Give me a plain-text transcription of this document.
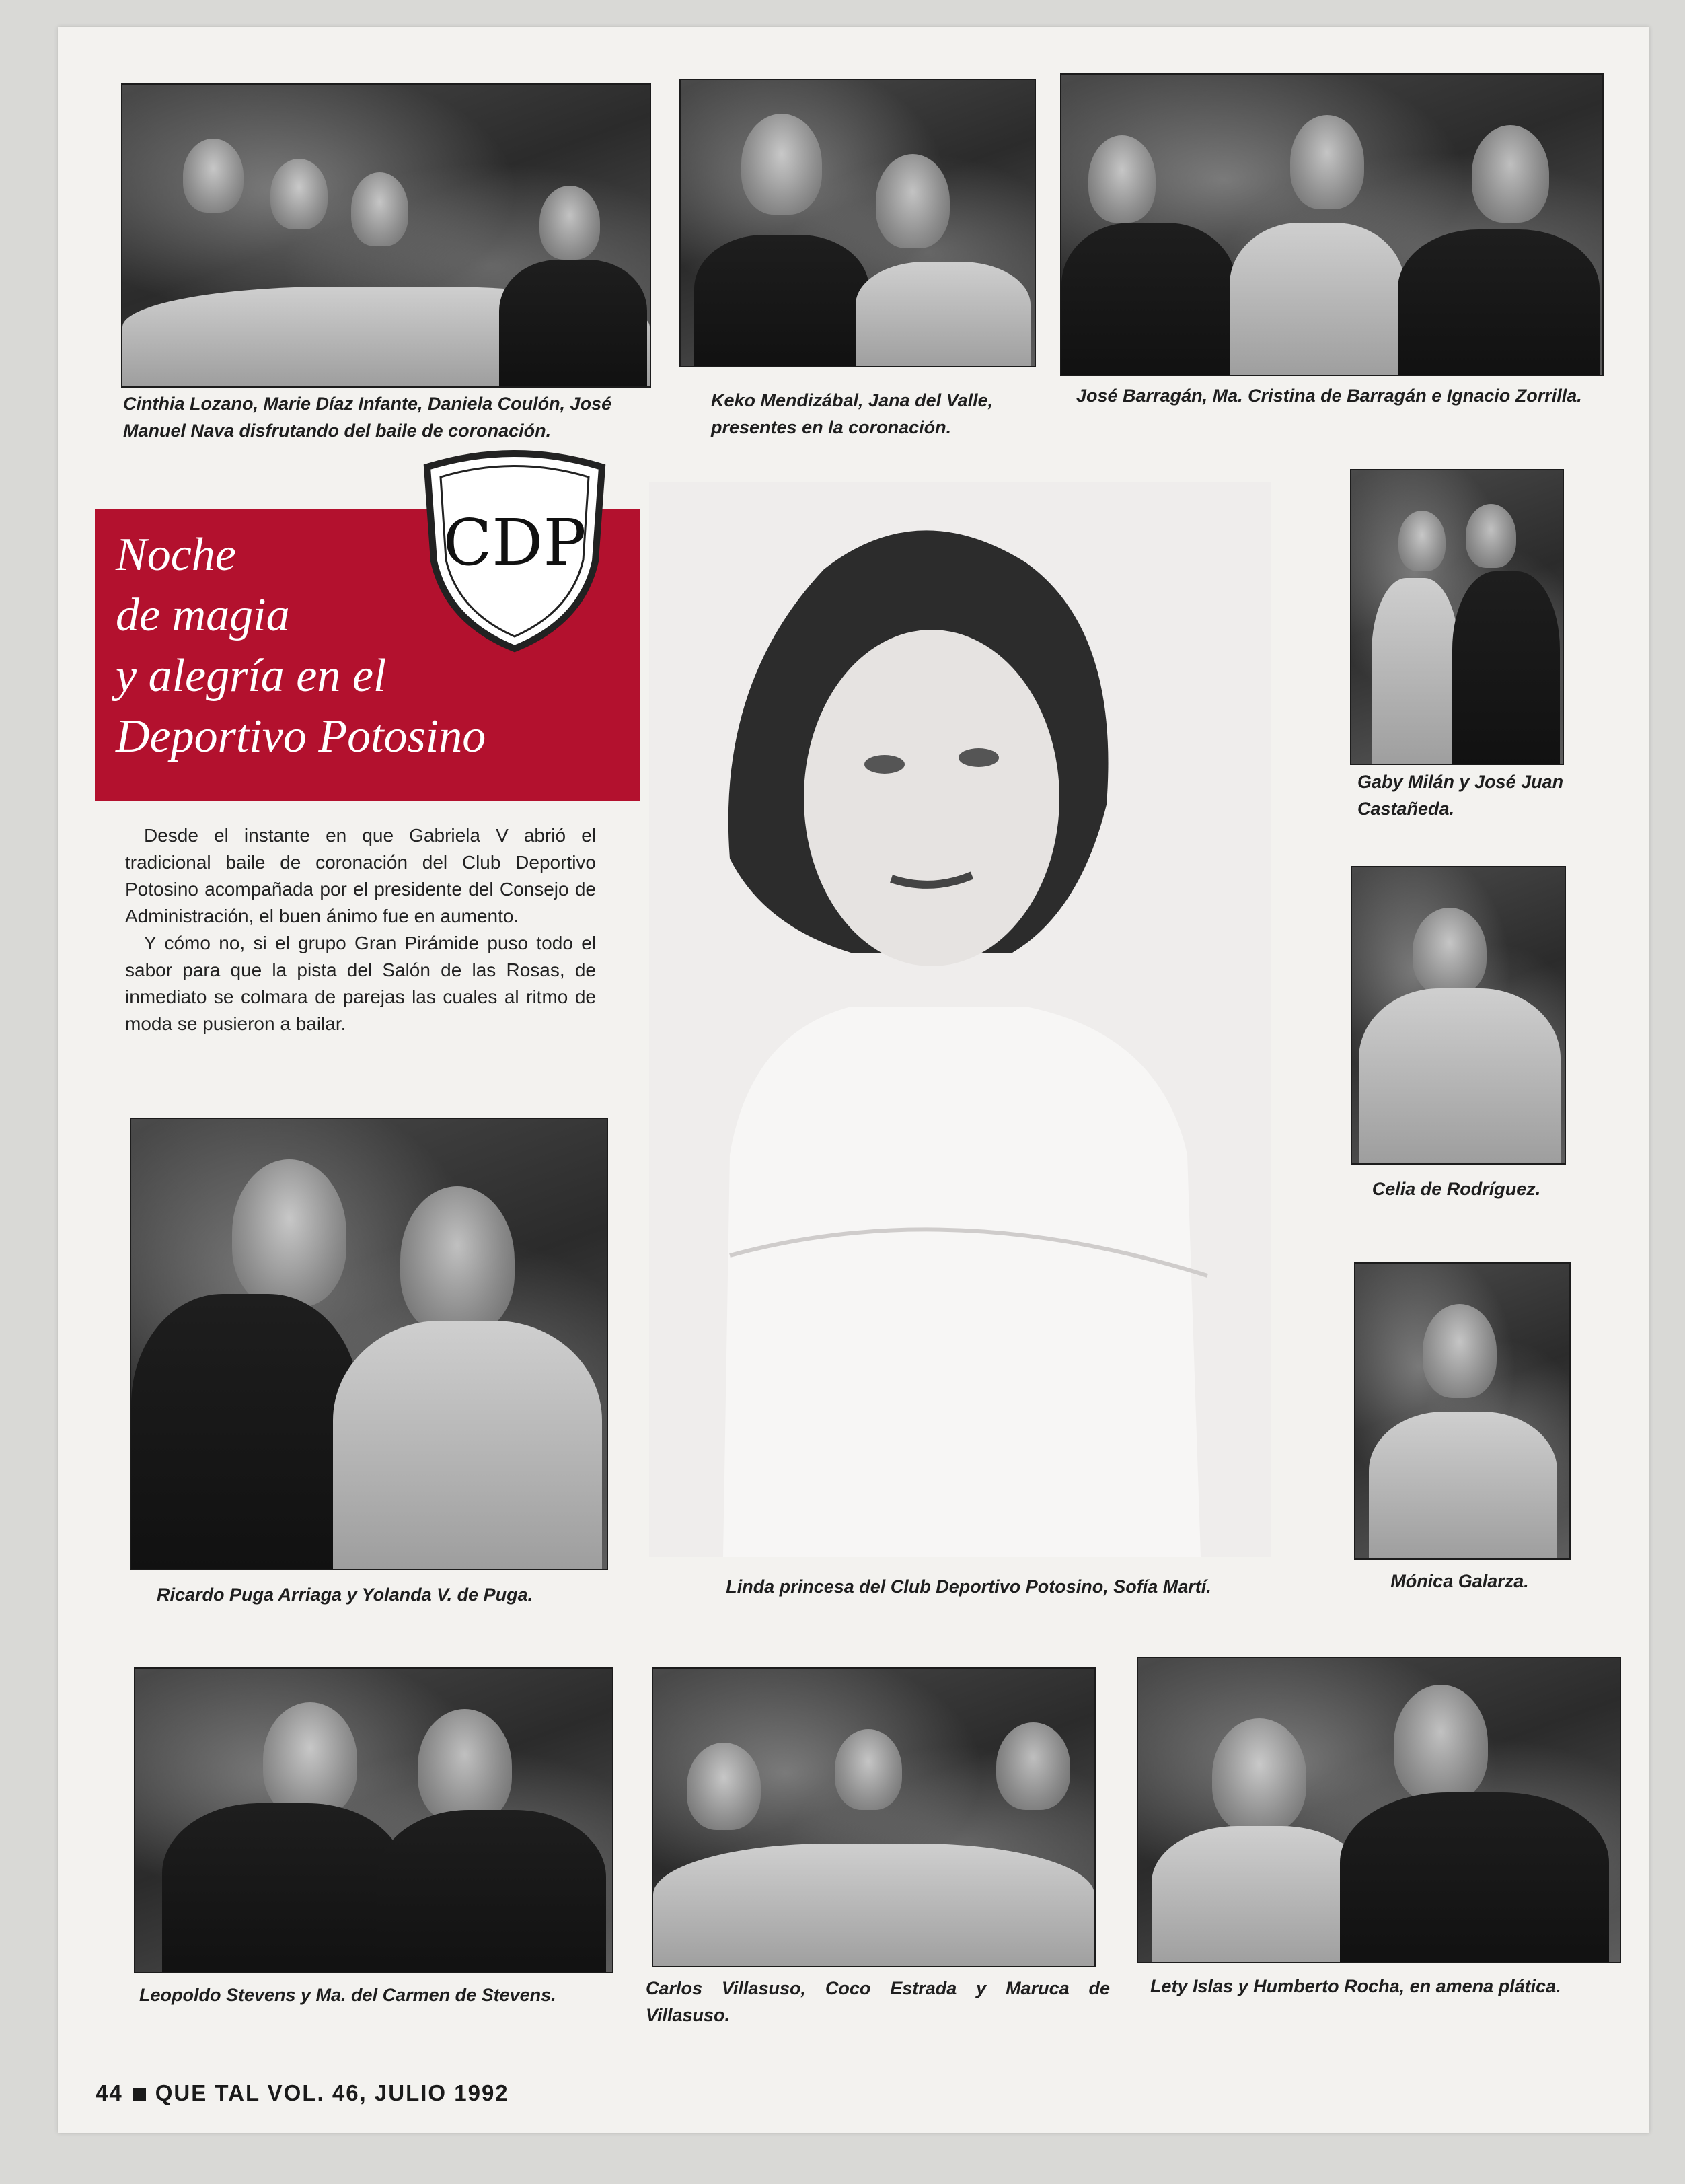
Cinthia Lozano, Marie Díaz Infante, Daniela Coulón, José Manuel Nava disfrutando del baile de coronación.
Keko Mendizábal, Jana del Valle, presentes en la coronación.
José Barragán, Ma. Cristina de Barragán e Ignacio Zorrilla.
Noche
de magia
y alegría en el
Deportivo Potosino
CDP

Desde el instante en que Gabriela V abrió el tradicional baile de coronación del Club Deportivo Potosino acompañada por el presidente del Consejo de Administración, el buen ánimo fue en aumento.

Y cómo no, si el grupo Gran Pirámide puso todo el sabor para que la pista del Salón de las Rosas, de inmediato se colmara de parejas las cuales al ritmo de moda se pusieron a bailar.

Linda princesa del Club Deportivo Potosino, Sofía Martí.
Gaby Milán y José Juan Castañeda.
Celia de Rodríguez.
Mónica Galarza.
Ricardo Puga Arriaga y Yolanda V. de Puga.
Leopoldo Stevens y Ma. del Carmen de Stevens.	Carlos Villasuso, Coco Estrada y Maruca de Villasuso.
Lety Islas y Humberto Rocha, en amena plática.
44 QUE TAL VOL. 46, JULIO 1992
